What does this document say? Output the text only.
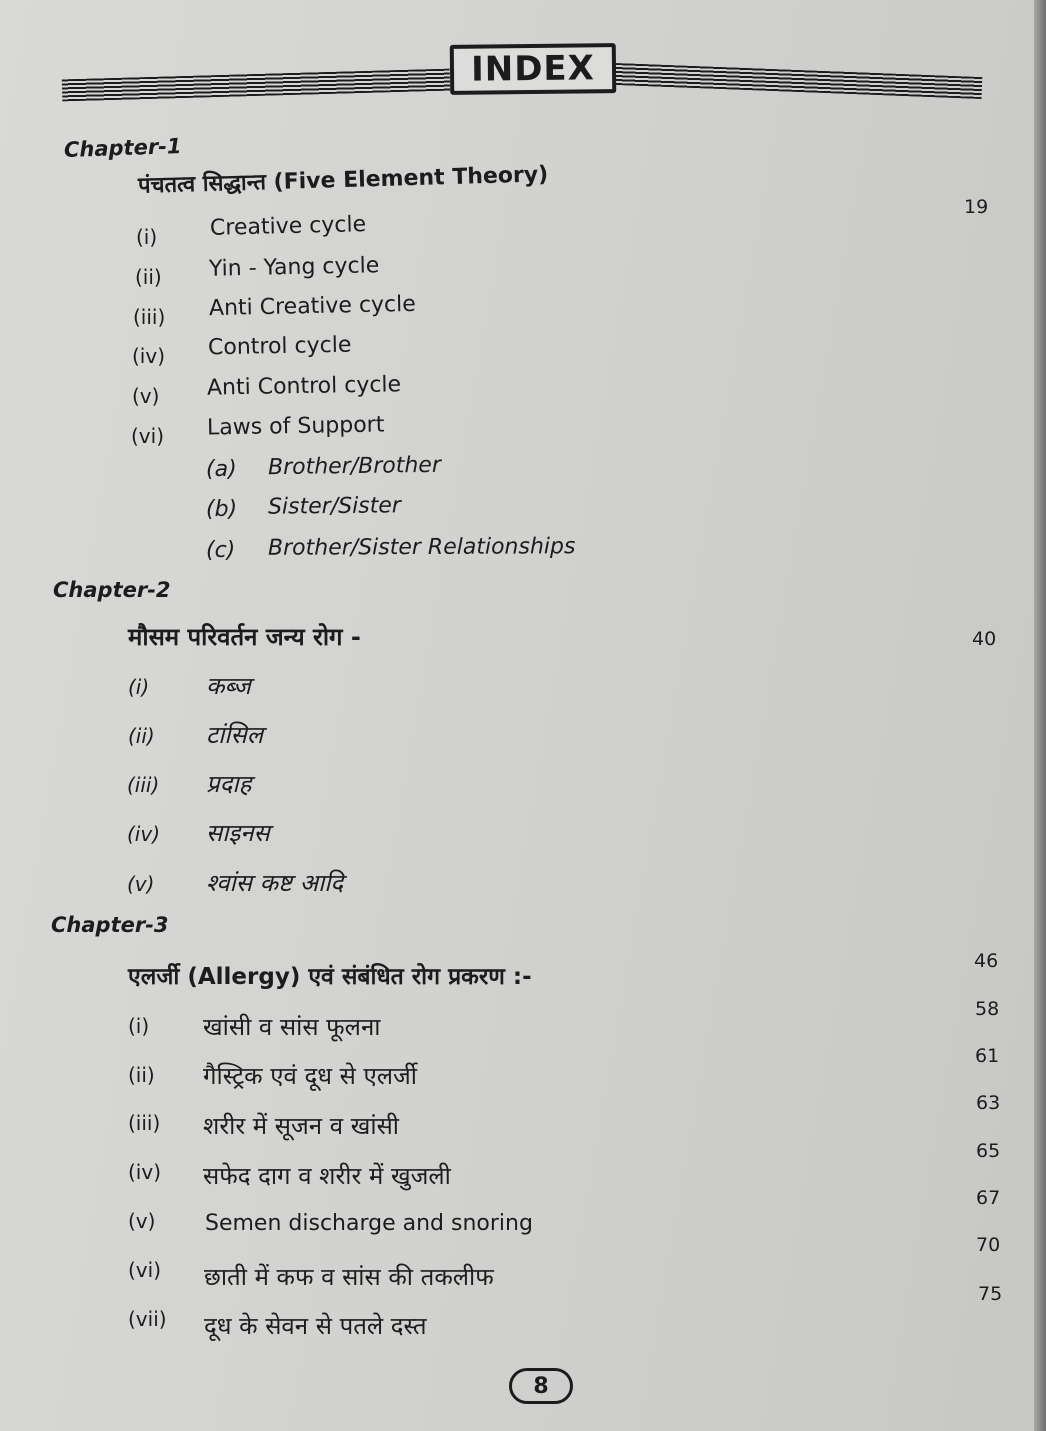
INDEX
Chapter-1
पंचतत्व सिद्धान्त (Five Element Theory)
19
(i) Creative cycle
(ii) Yin - Yang cycle
(iii) Anti Creative cycle
(iv) Control cycle
(v) Anti Control cycle
(vi) Laws of Support
(a) Brother/Brother
(b) Sister/Sister
(c) Brother/Sister Relationships
Chapter-2
मौसम परिवर्तन जन्य रोग -	40
(i) कब्ज
(ii) टांसिल
(iii) प्रदाह
(iv) साइनस
(v) श्वांस कष्ट आदि
Chapter-3
एलर्जी (Allergy) एवं संबंधित रोग प्रकरण :-
(i) खांसी व सांस फूलना
(ii) गैस्ट्रिक एवं दूध से एलर्जी
(iii) शरीर में सूजन व खांसी
(iv) सफेद दाग व शरीर में खुजली
(v) Semen discharge and snoring
(vi) छाती में कफ व सांस की तकलीफ
(vii) दूध के सेवन से पतले दस्त
46
58
61
63
65
67
70
75
8
